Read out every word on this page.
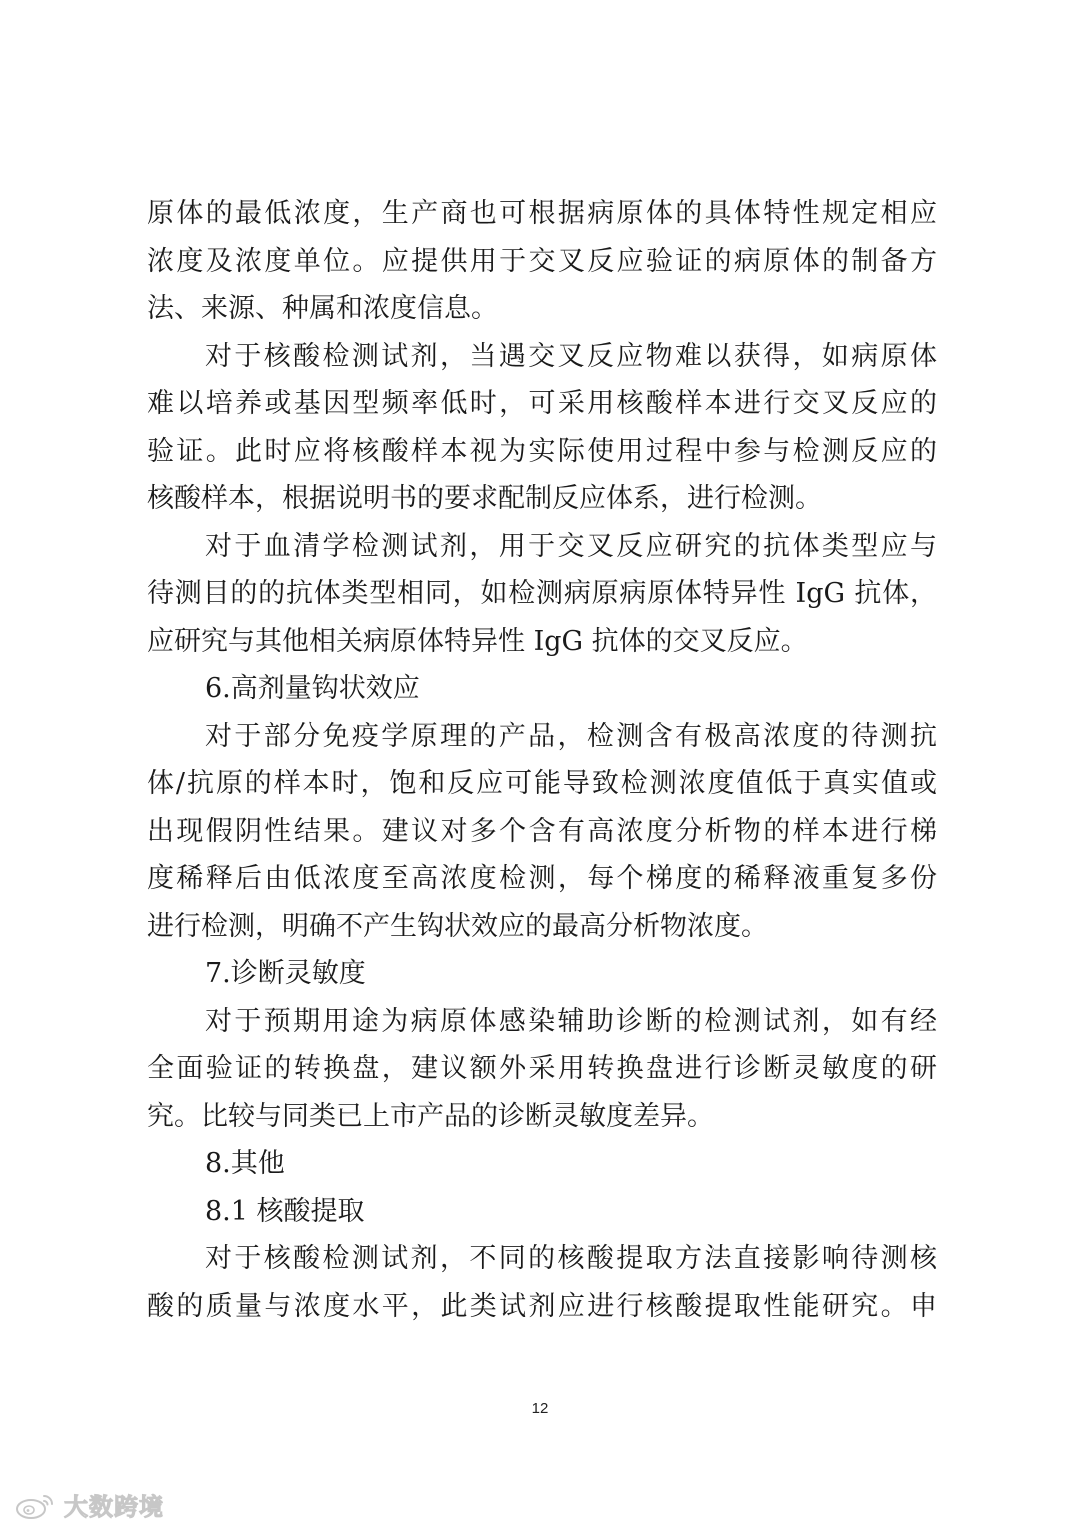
原体的最低浓度，生产商也可根据病原体的具体特性规定相应
浓度及浓度单位。应提供用于交叉反应验证的病原体的制备方
法、来源、种属和浓度信息。
对于核酸检测试剂，当遇交叉反应物难以获得，如病原体
难以培养或基因型频率低时，可采用核酸样本进行交叉反应的
验证。此时应将核酸样本视为实际使用过程中参与检测反应的
核酸样本，根据说明书的要求配制反应体系，进行检测。
对于血清学检测试剂，用于交叉反应研究的抗体类型应与
待测目的的抗体类型相同，如检测病原病原体特异性 IgG 抗体，
应研究与其他相关病原体特异性 IgG 抗体的交叉反应。
6.高剂量钩状效应
对于部分免疫学原理的产品，检测含有极高浓度的待测抗
体/抗原的样本时，饱和反应可能导致检测浓度值低于真实值或
出现假阴性结果。建议对多个含有高浓度分析物的样本进行梯
度稀释后由低浓度至高浓度检测，每个梯度的稀释液重复多份
进行检测，明确不产生钩状效应的最高分析物浓度。
7.诊断灵敏度
对于预期用途为病原体感染辅助诊断的检测试剂，如有经
全面验证的转换盘，建议额外采用转换盘进行诊断灵敏度的研
究。比较与同类已上市产品的诊断灵敏度差异。
8.其他
8.1 核酸提取
对于核酸检测试剂，不同的核酸提取方法直接影响待测核
酸的质量与浓度水平，此类试剂应进行核酸提取性能研究。申
12
大数跨境
